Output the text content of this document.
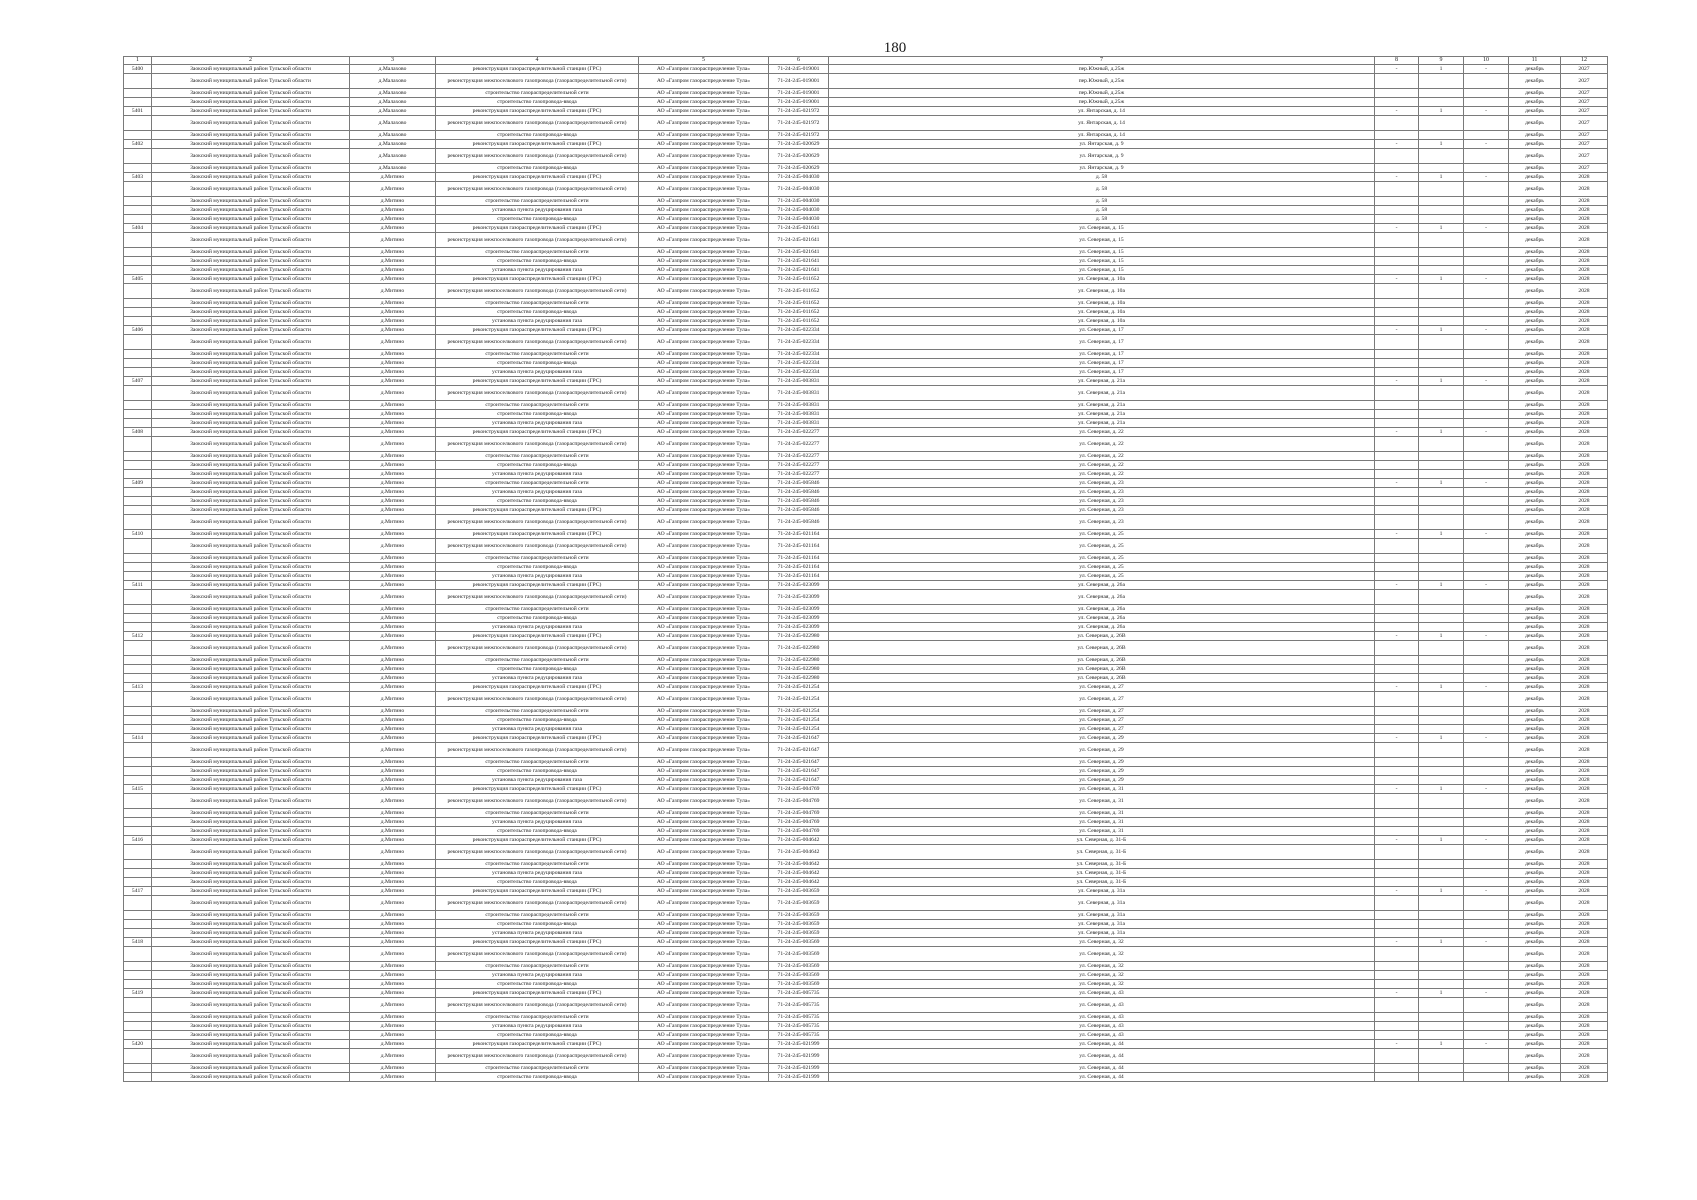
180
1	2	3	4	5	6	7	8	9	10	11	12
5400	Заокский муниципальный район Тульской области	д.Малахово	реконструкция газораспределительной станции (ГРС)	АО «Газпром газораспределение Тула»	71-24-245-019001	пер.Южный, д.25ж	-	1	-	декабрь	2027
	Заокский муниципальный район Тульской области	д.Малахово	реконструкция межпоселкового газопровода (газораспределительной сети)	АО «Газпром газораспределение Тула»	71-24-245-019001	пер.Южный, д.25ж				декабрь	2027
	Заокский муниципальный район Тульской области	д.Малахово	строительство газораспределительной сети	АО «Газпром газораспределение Тула»	71-24-245-019001	пер.Южный, д.25ж				декабрь	2027
	Заокский муниципальный район Тульской области	д.Малахово	строительство газопровода-ввода	АО «Газпром газораспределение Тула»	71-24-245-019001	пер.Южный, д.25ж				декабрь	2027
5401	Заокский муниципальный район Тульской области	д.Малахово	реконструкция газораспределительной станции (ГРС)	АО «Газпром газораспределение Тула»	71-24-245-021972	ул. Янтарская, д. 14	-	1	-	декабрь	2027
	Заокский муниципальный район Тульской области	д.Малахово	реконструкция межпоселкового газопровода (газораспределительной сети)	АО «Газпром газораспределение Тула»	71-24-245-021972	ул. Янтарская, д. 14				декабрь	2027
	Заокский муниципальный район Тульской области	д.Малахово	строительство газопровода-ввода	АО «Газпром газораспределение Тула»	71-24-245-021972	ул. Янтарская, д. 14				декабрь	2027
5402	Заокский муниципальный район Тульской области	д.Малахово	реконструкция газораспределительной станции (ГРС)	АО «Газпром газораспределение Тула»	71-24-245-020629	ул. Янтарская, д. 9	-	1	-	декабрь	2027
	Заокский муниципальный район Тульской области	д.Малахово	реконструкция межпоселкового газопровода (газораспределительной сети)	АО «Газпром газораспределение Тула»	71-24-245-020629	ул. Янтарская, д. 9				декабрь	2027
	Заокский муниципальный район Тульской области	д.Малахово	строительство газопровода-ввода	АО «Газпром газораспределение Тула»	71-24-245-020629	ул. Янтарская, д. 9				декабрь	2027
5403	Заокский муниципальный район Тульской области	д.Митино	реконструкция газораспределительной станции (ГРС)	АО «Газпром газораспределение Тула»	71-24-245-004030	д. 58	-	1	-	декабрь	2028
	Заокский муниципальный район Тульской области	д.Митино	реконструкция межпоселкового газопровода (газораспределительной сети)	АО «Газпром газораспределение Тула»	71-24-245-004030	д. 58				декабрь	2028
	Заокский муниципальный район Тульской области	д.Митино	строительство газораспределительной сети	АО «Газпром газораспределение Тула»	71-24-245-004030	д. 58				декабрь	2028
	Заокский муниципальный район Тульской области	д.Митино	установка пункта редуцирования газа	АО «Газпром газораспределение Тула»	71-24-245-004030	д. 58				декабрь	2028
	Заокский муниципальный район Тульской области	д.Митино	строительство газопровода-ввода	АО «Газпром газораспределение Тула»	71-24-245-004030	д. 58				декабрь	2028
5404	Заокский муниципальный район Тульской области	д.Митино	реконструкция газораспределительной станции (ГРС)	АО «Газпром газораспределение Тула»	71-24-245-021641	ул. Северная, д. 15	-	1	-	декабрь	2028
	Заокский муниципальный район Тульской области	д.Митино	реконструкция межпоселкового газопровода (газораспределительной сети)	АО «Газпром газораспределение Тула»	71-24-245-021641	ул. Северная, д. 15				декабрь	2028
	Заокский муниципальный район Тульской области	д.Митино	строительство газораспределительной сети	АО «Газпром газораспределение Тула»	71-24-245-021641	ул. Северная, д. 15				декабрь	2028
	Заокский муниципальный район Тульской области	д.Митино	строительство газопровода-ввода	АО «Газпром газораспределение Тула»	71-24-245-021641	ул. Северная, д. 15				декабрь	2028
	Заокский муниципальный район Тульской области	д.Митино	установка пункта редуцирования газа	АО «Газпром газораспределение Тула»	71-24-245-021641	ул. Северная, д. 15				декабрь	2028
5405	Заокский муниципальный район Тульской области	д.Митино	реконструкция газораспределительной станции (ГРС)	АО «Газпром газораспределение Тула»	71-24-245-011652	ул. Северная, д. 10а	-	1	-	декабрь	2028
	Заокский муниципальный район Тульской области	д.Митино	реконструкция межпоселкового газопровода (газораспределительной сети)	АО «Газпром газораспределение Тула»	71-24-245-011652	ул. Северная, д. 10а				декабрь	2028
	Заокский муниципальный район Тульской области	д.Митино	строительство газораспределительной сети	АО «Газпром газораспределение Тула»	71-24-245-011652	ул. Северная, д. 10а				декабрь	2028
	Заокский муниципальный район Тульской области	д.Митино	строительство газопровода-ввода	АО «Газпром газораспределение Тула»	71-24-245-011652	ул. Северная, д. 10а				декабрь	2028
	Заокский муниципальный район Тульской области	д.Митино	установка пункта редуцирования газа	АО «Газпром газораспределение Тула»	71-24-245-011652	ул. Северная, д. 10а				декабрь	2028
5406	Заокский муниципальный район Тульской области	д.Митино	реконструкция газораспределительной станции (ГРС)	АО «Газпром газораспределение Тула»	71-24-245-022334	ул. Северная, д. 17	-	1	-	декабрь	2028
	Заокский муниципальный район Тульской области	д.Митино	реконструкция межпоселкового газопровода (газораспределительной сети)	АО «Газпром газораспределение Тула»	71-24-245-022334	ул. Северная, д. 17				декабрь	2028
	Заокский муниципальный район Тульской области	д.Митино	строительство газораспределительной сети	АО «Газпром газораспределение Тула»	71-24-245-022334	ул. Северная, д. 17				декабрь	2028
	Заокский муниципальный район Тульской области	д.Митино	строительство газопровода-ввода	АО «Газпром газораспределение Тула»	71-24-245-022334	ул. Северная, д. 17				декабрь	2028
	Заокский муниципальный район Тульской области	д.Митино	установка пункта редуцирования газа	АО «Газпром газораспределение Тула»	71-24-245-022334	ул. Северная, д. 17				декабрь	2028
5407	Заокский муниципальный район Тульской области	д.Митино	реконструкция газораспределительной станции (ГРС)	АО «Газпром газораспределение Тула»	71-24-245-003831	ул. Северная, д. 21а	-	1	-	декабрь	2028
	Заокский муниципальный район Тульской области	д.Митино	реконструкция межпоселкового газопровода (газораспределительной сети)	АО «Газпром газораспределение Тула»	71-24-245-003831	ул. Северная, д. 21а				декабрь	2028
	Заокский муниципальный район Тульской области	д.Митино	строительство газораспределительной сети	АО «Газпром газораспределение Тула»	71-24-245-003831	ул. Северная, д. 21а				декабрь	2028
	Заокский муниципальный район Тульской области	д.Митино	строительство газопровода-ввода	АО «Газпром газораспределение Тула»	71-24-245-003831	ул. Северная, д. 21а				декабрь	2028
	Заокский муниципальный район Тульской области	д.Митино	установка пункта редуцирования газа	АО «Газпром газораспределение Тула»	71-24-245-003831	ул. Северная, д. 21а				декабрь	2028
5408	Заокский муниципальный район Тульской области	д.Митино	реконструкция газораспределительной станции (ГРС)	АО «Газпром газораспределение Тула»	71-24-245-022277	ул. Северная, д. 22	-	1	-	декабрь	2028
	Заокский муниципальный район Тульской области	д.Митино	реконструкция межпоселкового газопровода (газораспределительной сети)	АО «Газпром газораспределение Тула»	71-24-245-022277	ул. Северная, д. 22				декабрь	2028
	Заокский муниципальный район Тульской области	д.Митино	строительство газораспределительной сети	АО «Газпром газораспределение Тула»	71-24-245-022277	ул. Северная, д. 22				декабрь	2028
	Заокский муниципальный район Тульской области	д.Митино	строительство газопровода-ввода	АО «Газпром газораспределение Тула»	71-24-245-022277	ул. Северная, д. 22				декабрь	2028
	Заокский муниципальный район Тульской области	д.Митино	установка пункта редуцирования газа	АО «Газпром газораспределение Тула»	71-24-245-022277	ул. Северная, д. 22				декабрь	2028
5409	Заокский муниципальный район Тульской области	д.Митино	строительство газораспределительной сети	АО «Газпром газораспределение Тула»	71-24-245-005846	ул. Северная, д. 23	-	1	-	декабрь	2028
	Заокский муниципальный район Тульской области	д.Митино	установка пункта редуцирования газа	АО «Газпром газораспределение Тула»	71-24-245-005846	ул. Северная, д. 23				декабрь	2028
	Заокский муниципальный район Тульской области	д.Митино	строительство газопровода-ввода	АО «Газпром газораспределение Тула»	71-24-245-005846	ул. Северная, д. 23				декабрь	2028
	Заокский муниципальный район Тульской области	д.Митино	реконструкция газораспределительной станции (ГРС)	АО «Газпром газораспределение Тула»	71-24-245-005846	ул. Северная, д. 23				декабрь	2028
	Заокский муниципальный район Тульской области	д.Митино	реконструкция межпоселкового газопровода (газораспределительной сети)	АО «Газпром газораспределение Тула»	71-24-245-005846	ул. Северная, д. 23				декабрь	2028
5410	Заокский муниципальный район Тульской области	д.Митино	реконструкция газораспределительной станции (ГРС)	АО «Газпром газораспределение Тула»	71-24-245-021164	ул. Северная, д. 25	-	1	-	декабрь	2028
	Заокский муниципальный район Тульской области	д.Митино	реконструкция межпоселкового газопровода (газораспределительной сети)	АО «Газпром газораспределение Тула»	71-24-245-021164	ул. Северная, д. 25				декабрь	2028
	Заокский муниципальный район Тульской области	д.Митино	строительство газораспределительной сети	АО «Газпром газораспределение Тула»	71-24-245-021164	ул. Северная, д. 25				декабрь	2028
	Заокский муниципальный район Тульской области	д.Митино	строительство газопровода-ввода	АО «Газпром газораспределение Тула»	71-24-245-021164	ул. Северная, д. 25				декабрь	2028
	Заокский муниципальный район Тульской области	д.Митино	установка пункта редуцирования газа	АО «Газпром газораспределение Тула»	71-24-245-021164	ул. Северная, д. 25				декабрь	2028
5411	Заокский муниципальный район Тульской области	д.Митино	реконструкция газораспределительной станции (ГРС)	АО «Газпром газораспределение Тула»	71-24-245-023099	ул. Северная, д. 26а	-	1	-	декабрь	2028
	Заокский муниципальный район Тульской области	д.Митино	реконструкция межпоселкового газопровода (газораспределительной сети)	АО «Газпром газораспределение Тула»	71-24-245-023099	ул. Северная, д. 26а				декабрь	2028
	Заокский муниципальный район Тульской области	д.Митино	строительство газораспределительной сети	АО «Газпром газораспределение Тула»	71-24-245-023099	ул. Северная, д. 26а				декабрь	2028
	Заокский муниципальный район Тульской области	д.Митино	строительство газопровода-ввода	АО «Газпром газораспределение Тула»	71-24-245-023099	ул. Северная, д. 26а				декабрь	2028
	Заокский муниципальный район Тульской области	д.Митино	установка пункта редуцирования газа	АО «Газпром газораспределение Тула»	71-24-245-023099	ул. Северная, д. 26а				декабрь	2028
5412	Заокский муниципальный район Тульской области	д.Митино	реконструкция газораспределительной станции (ГРС)	АО «Газпром газораспределение Тула»	71-24-245-022980	ул. Северная, д. 26В	-	1	-	декабрь	2028
	Заокский муниципальный район Тульской области	д.Митино	реконструкция межпоселкового газопровода (газораспределительной сети)	АО «Газпром газораспределение Тула»	71-24-245-022980	ул. Северная, д. 26В				декабрь	2028
	Заокский муниципальный район Тульской области	д.Митино	строительство газораспределительной сети	АО «Газпром газораспределение Тула»	71-24-245-022980	ул. Северная, д. 26В				декабрь	2028
	Заокский муниципальный район Тульской области	д.Митино	строительство газопровода-ввода	АО «Газпром газораспределение Тула»	71-24-245-022980	ул. Северная, д. 26В				декабрь	2028
	Заокский муниципальный район Тульской области	д.Митино	установка пункта редуцирования газа	АО «Газпром газораспределение Тула»	71-24-245-022980	ул. Северная, д. 26В				декабрь	2028
5413	Заокский муниципальный район Тульской области	д.Митино	реконструкция газораспределительной станции (ГРС)	АО «Газпром газораспределение Тула»	71-24-245-021254	ул. Северная, д. 27	-	1	-	декабрь	2028
	Заокский муниципальный район Тульской области	д.Митино	реконструкция межпоселкового газопровода (газораспределительной сети)	АО «Газпром газораспределение Тула»	71-24-245-021254	ул. Северная, д. 27				декабрь	2028
	Заокский муниципальный район Тульской области	д.Митино	строительство газораспределительной сети	АО «Газпром газораспределение Тула»	71-24-245-021254	ул. Северная, д. 27				декабрь	2028
	Заокский муниципальный район Тульской области	д.Митино	строительство газопровода-ввода	АО «Газпром газораспределение Тула»	71-24-245-021254	ул. Северная, д. 27				декабрь	2028
	Заокский муниципальный район Тульской области	д.Митино	установка пункта редуцирования газа	АО «Газпром газораспределение Тула»	71-24-245-021254	ул. Северная, д. 27				декабрь	2028
5414	Заокский муниципальный район Тульской области	д.Митино	реконструкция газораспределительной станции (ГРС)	АО «Газпром газораспределение Тула»	71-24-245-021647	ул. Северная, д. 29	-	1	-	декабрь	2028
	Заокский муниципальный район Тульской области	д.Митино	реконструкция межпоселкового газопровода (газораспределительной сети)	АО «Газпром газораспределение Тула»	71-24-245-021647	ул. Северная, д. 29				декабрь	2028
	Заокский муниципальный район Тульской области	д.Митино	строительство газораспределительной сети	АО «Газпром газораспределение Тула»	71-24-245-021647	ул. Северная, д. 29				декабрь	2028
	Заокский муниципальный район Тульской области	д.Митино	строительство газопровода-ввода	АО «Газпром газораспределение Тула»	71-24-245-021647	ул. Северная, д. 29				декабрь	2028
	Заокский муниципальный район Тульской области	д.Митино	установка пункта редуцирования газа	АО «Газпром газораспределение Тула»	71-24-245-021647	ул. Северная, д. 29				декабрь	2028
5415	Заокский муниципальный район Тульской области	д.Митино	реконструкция газораспределительной станции (ГРС)	АО «Газпром газораспределение Тула»	71-24-245-004769	ул. Северная, д. 31	-	1	-	декабрь	2028
	Заокский муниципальный район Тульской области	д.Митино	реконструкция межпоселкового газопровода (газораспределительной сети)	АО «Газпром газораспределение Тула»	71-24-245-004769	ул. Северная, д. 31				декабрь	2028
	Заокский муниципальный район Тульской области	д.Митино	строительство газораспределительной сети	АО «Газпром газораспределение Тула»	71-24-245-004769	ул. Северная, д. 31				декабрь	2028
	Заокский муниципальный район Тульской области	д.Митино	установка пункта редуцирования газа	АО «Газпром газораспределение Тула»	71-24-245-004769	ул. Северная, д. 31				декабрь	2028
	Заокский муниципальный район Тульской области	д.Митино	строительство газопровода-ввода	АО «Газпром газораспределение Тула»	71-24-245-004769	ул. Северная, д. 31				декабрь	2028
5416	Заокский муниципальный район Тульской области	д.Митино	реконструкция газораспределительной станции (ГРС)	АО «Газпром газораспределение Тула»	71-24-245-004642	ул. Северная, д. 31-Б	-	1	-	декабрь	2028
	Заокский муниципальный район Тульской области	д.Митино	реконструкция межпоселкового газопровода (газораспределительной сети)	АО «Газпром газораспределение Тула»	71-24-245-004642	ул. Северная, д. 31-Б				декабрь	2028
	Заокский муниципальный район Тульской области	д.Митино	строительство газораспределительной сети	АО «Газпром газораспределение Тула»	71-24-245-004642	ул. Северная, д. 31-Б				декабрь	2028
	Заокский муниципальный район Тульской области	д.Митино	установка пункта редуцирования газа	АО «Газпром газораспределение Тула»	71-24-245-004642	ул. Северная, д. 31-Б				декабрь	2028
	Заокский муниципальный район Тульской области	д.Митино	строительство газопровода-ввода	АО «Газпром газораспределение Тула»	71-24-245-004642	ул. Северная, д. 31-Б				декабрь	2028
5417	Заокский муниципальный район Тульской области	д.Митино	реконструкция газораспределительной станции (ГРС)	АО «Газпром газораспределение Тула»	71-24-245-003659	ул. Северная, д. 31а	-	1	-	декабрь	2028
	Заокский муниципальный район Тульской области	д.Митино	реконструкция межпоселкового газопровода (газораспределительной сети)	АО «Газпром газораспределение Тула»	71-24-245-003659	ул. Северная, д. 31а				декабрь	2028
	Заокский муниципальный район Тульской области	д.Митино	строительство газораспределительной сети	АО «Газпром газораспределение Тула»	71-24-245-003659	ул. Северная, д. 31а				декабрь	2028
	Заокский муниципальный район Тульской области	д.Митино	строительство газопровода-ввода	АО «Газпром газораспределение Тула»	71-24-245-003659	ул. Северная, д. 31а				декабрь	2028
	Заокский муниципальный район Тульской области	д.Митино	установка пункта редуцирования газа	АО «Газпром газораспределение Тула»	71-24-245-003659	ул. Северная, д. 31а				декабрь	2028
5418	Заокский муниципальный район Тульской области	д.Митино	реконструкция газораспределительной станции (ГРС)	АО «Газпром газораспределение Тула»	71-24-245-003569	ул. Северная, д. 32	-	1	-	декабрь	2028
	Заокский муниципальный район Тульской области	д.Митино	реконструкция межпоселкового газопровода (газораспределительной сети)	АО «Газпром газораспределение Тула»	71-24-245-003569	ул. Северная, д. 32				декабрь	2028
	Заокский муниципальный район Тульской области	д.Митино	строительство газораспределительной сети	АО «Газпром газораспределение Тула»	71-24-245-003569	ул. Северная, д. 32				декабрь	2028
	Заокский муниципальный район Тульской области	д.Митино	установка пункта редуцирования газа	АО «Газпром газораспределение Тула»	71-24-245-003569	ул. Северная, д. 32				декабрь	2028
	Заокский муниципальный район Тульской области	д.Митино	строительство газопровода-ввода	АО «Газпром газораспределение Тула»	71-24-245-003569	ул. Северная, д. 32				декабрь	2028
5419	Заокский муниципальный район Тульской области	д.Митино	реконструкция газораспределительной станции (ГРС)	АО «Газпром газораспределение Тула»	71-24-245-005735	ул. Северная, д. 43	-	1	-	декабрь	2028
	Заокский муниципальный район Тульской области	д.Митино	реконструкция межпоселкового газопровода (газораспределительной сети)	АО «Газпром газораспределение Тула»	71-24-245-005735	ул. Северная, д. 43				декабрь	2028
	Заокский муниципальный район Тульской области	д.Митино	строительство газораспределительной сети	АО «Газпром газораспределение Тула»	71-24-245-005735	ул. Северная, д. 43				декабрь	2028
	Заокский муниципальный район Тульской области	д.Митино	установка пункта редуцирования газа	АО «Газпром газораспределение Тула»	71-24-245-005735	ул. Северная, д. 43				декабрь	2028
	Заокский муниципальный район Тульской области	д.Митино	строительство газопровода-ввода	АО «Газпром газораспределение Тула»	71-24-245-005735	ул. Северная, д. 43				декабрь	2028
5420	Заокский муниципальный район Тульской области	д.Митино	реконструкция газораспределительной станции (ГРС)	АО «Газпром газораспределение Тула»	71-24-245-021999	ул. Северная, д. 44	-	1	-	декабрь	2028
	Заокский муниципальный район Тульской области	д.Митино	реконструкция межпоселкового газопровода (газораспределительной сети)	АО «Газпром газораспределение Тула»	71-24-245-021999	ул. Северная, д. 44				декабрь	2028
	Заокский муниципальный район Тульской области	д.Митино	строительство газораспределительной сети	АО «Газпром газораспределение Тула»	71-24-245-021999	ул. Северная, д. 44				декабрь	2028
	Заокский муниципальный район Тульской области	д.Митино	строительство газопровода-ввода	АО «Газпром газораспределение Тула»	71-24-245-021999	ул. Северная, д. 44				декабрь	2028
